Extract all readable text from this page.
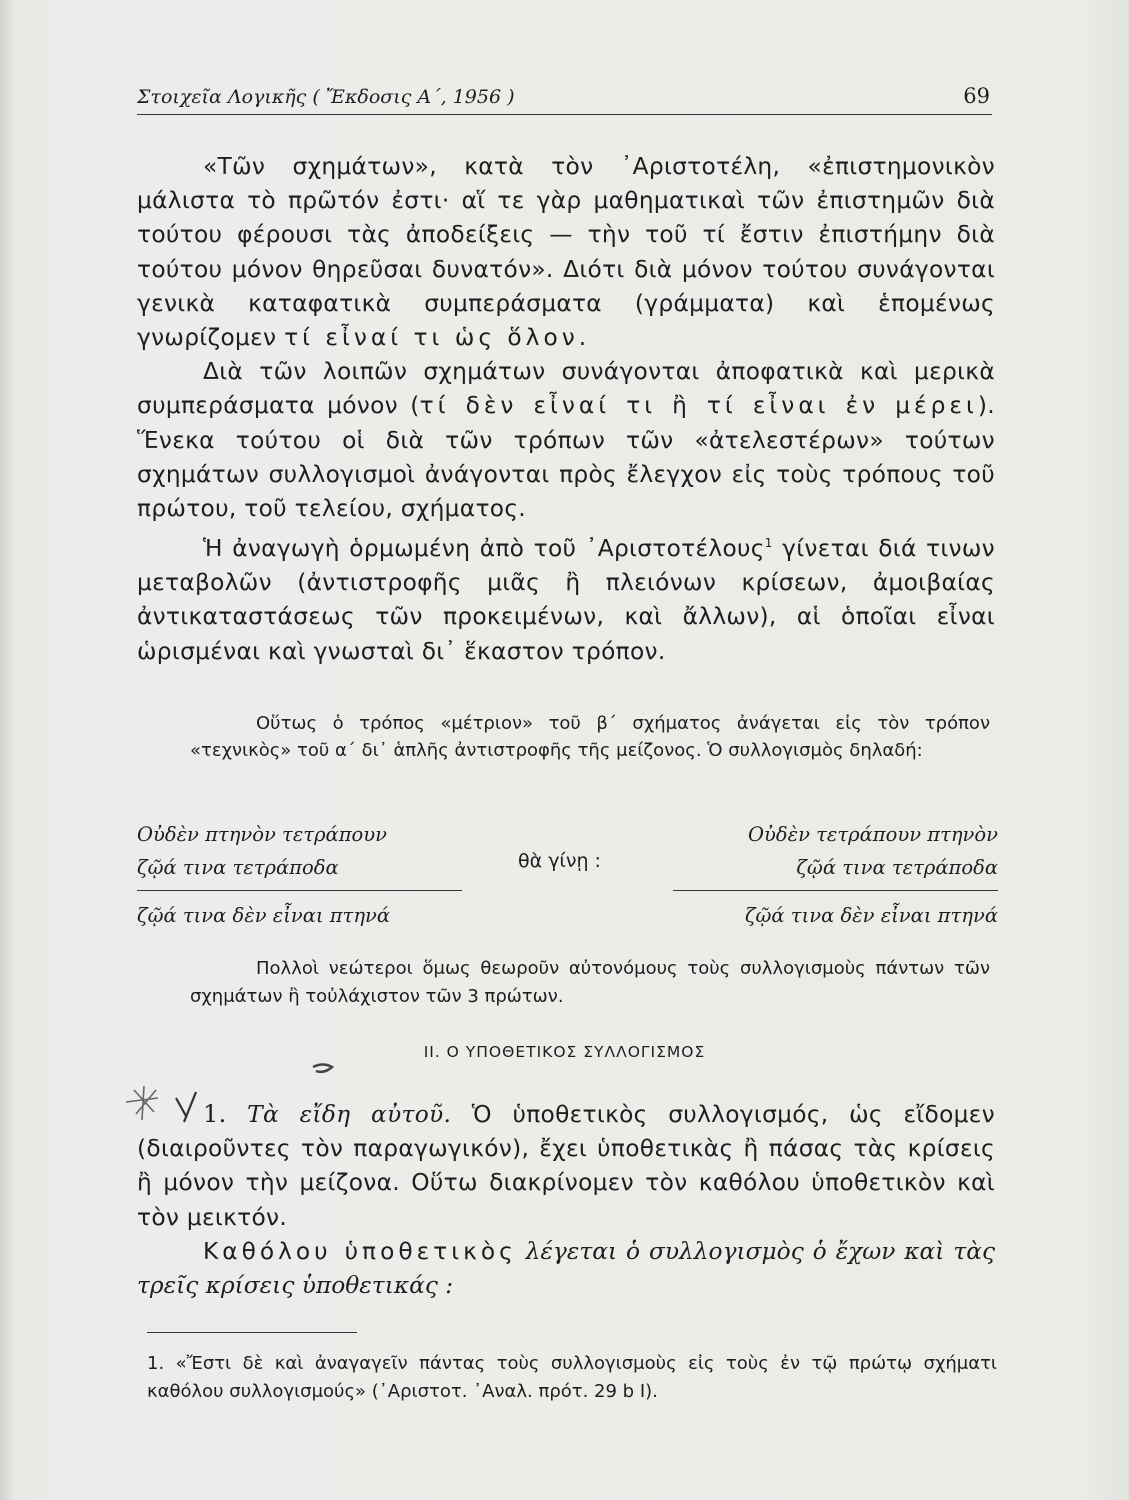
Στοιχεῖα Λογικῆς ( Ἔκδοσις Α΄, 1956 )	69

«Τῶν σχημάτων», κατὰ τὸν ᾿Αριστοτέλη, «ἐπιστημονικὸν μάλιστα τὸ πρῶτόν ἐστι· αἵ τε γὰρ μαθηματικαὶ τῶν ἐπιστημῶν διὰ τούτου φέρουσι τὰς ἀποδείξεις — τὴν τοῦ τί ἔστιν ἐπιστήμην διὰ τούτου μόνον θηρεῦσαι δυνατόν». Διότι διὰ μόνον τούτου συνάγονται γενικὰ καταφατικὰ συμπεράσματα (γράμματα) καὶ ἑπομένως γνωρίζομεν τί εἶναί τι ὡς ὅλον.

Διὰ τῶν λοιπῶν σχημάτων συνάγονται ἀποφατικὰ καὶ μερικὰ συμπεράσματα μόνον (τί δὲν εἶναί τι ἢ τί εἶναι ἐν μέρει). Ἕνεκα τούτου οἱ διὰ τῶν τρόπων τῶν «ἀτελεστέρων» τούτων σχημάτων συλλογισμοὶ ἀνάγονται πρὸς ἔλεγχον εἰς τοὺς τρόπους τοῦ πρώτου, τοῦ τελείου, σχήματος.

Ἡ ἀναγωγὴ ὁρμωμένη ἀπὸ τοῦ ᾿Αριστοτέλους$^1$ γίνεται διά τινων μεταβολῶν (ἀντιστροφῆς μιᾶς ἢ πλειόνων κρίσεων, ἀμοιβαίας ἀντικαταστάσεως τῶν προκειμένων, καὶ ἄλλων), αἱ ὁποῖαι εἶναι ὡρισμέναι καὶ γνωσταὶ δι᾿ ἕκαστον τρόπον.

Οὕτως ὁ τρόπος «μέτριον» τοῦ β΄ σχήματος ἀνάγεται εἰς τὸν τρόπον «τεχνικὸς» τοῦ α΄ δι᾿ ἁπλῆς ἀντιστροφῆς τῆς μείζονος. Ὁ συλλογισμὸς δηλαδή:

Οὐδὲν πτηνὸν τετράπουν
ζῷά τινα τετράποδα
ζῷά τινα δὲν εἶναι πτηνά
θὰ γίνῃ :
Οὐδὲν τετράπουν πτηνὸν
ζῷά τινα τετράποδα
ζῷά τινα δὲν εἶναι πτηνά

Πολλοὶ νεώτεροι ὅμως θεωροῦν αὐτονόμους τοὺς συλλογισμοὺς πάντων τῶν σχημάτων ἢ τοὐλάχιστον τῶν 3 πρώτων.

ΙΙ. Ο ΥΠΟΘΕΤΙΚΟΣ ΣΥΛΛΟΓΙΣΜΟΣ

1. Τὰ εἴδη αὐτοῦ. Ὁ ὑποθετικὸς συλλογισμός, ὡς εἴδομεν (διαιροῦντες τὸν παραγωγικόν), ἔχει ὑποθετικὰς ἢ πάσας τὰς κρίσεις ἢ μόνον τὴν μείζονα. Οὕτω διακρίνομεν τὸν καθόλου ὑποθετικὸν καὶ τὸν μεικτόν.

Καθόλου ὑποθετικὸς λέγεται ὁ συλλογισμὸς ὁ ἔχων καὶ τὰς τρεῖς κρίσεις ὑποθετικάς :

1. «Ἔστι δὲ καὶ ἀναγαγεῖν πάντας τοὺς συλλογισμοὺς εἰς τοὺς ἐν τῷ πρώτῳ σχήματι καθόλου συλλογισμούς» (᾿Αριστοτ. ᾿Αναλ. πρότ. 29 b I).
